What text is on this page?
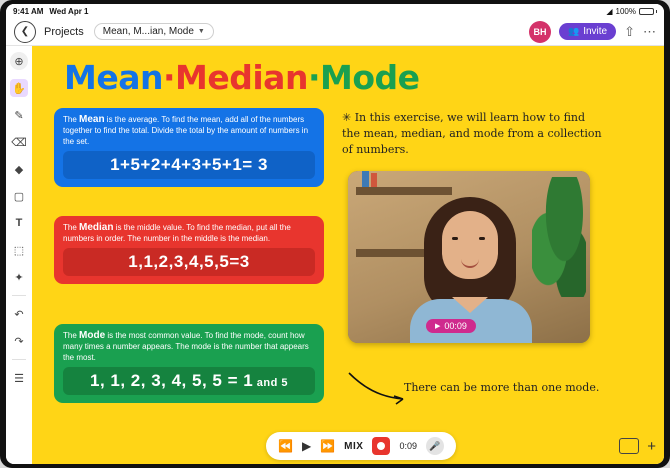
9:41 AM Wed Apr 1	◢ 100%
❮ Projects Mean, M...ian, Mode ▼	BH	👥 Invite ⇧ ⋯
⊕
✋
✎
⌫
◆
▢
T
⬚
✦
↶
↷
☰
Mean·Median·Mode
The Mean is the average. To find the mean, add all of the numbers together to find the total. Divide the total by the amount of numbers in the set.
1+5+2+4+3+5+1= 3
The Median is the middle value. To find the median, put all the numbers in order. The number in the middle is the median.
1,1,2,3,4,5,5=3
The Mode is the most common value. To find the mode, count how many times a number appears. The mode is the number that appears the most.
1, 1, 2, 3, 4, 5, 5 = 1 and 5
✳ In this exercise, we will learn how to find the mean, median, and mode from a collection of numbers.
▶ 00:09
There can be more than one mode.
⏪ ▶ ⏩ MIX	0:09	🎤	+
